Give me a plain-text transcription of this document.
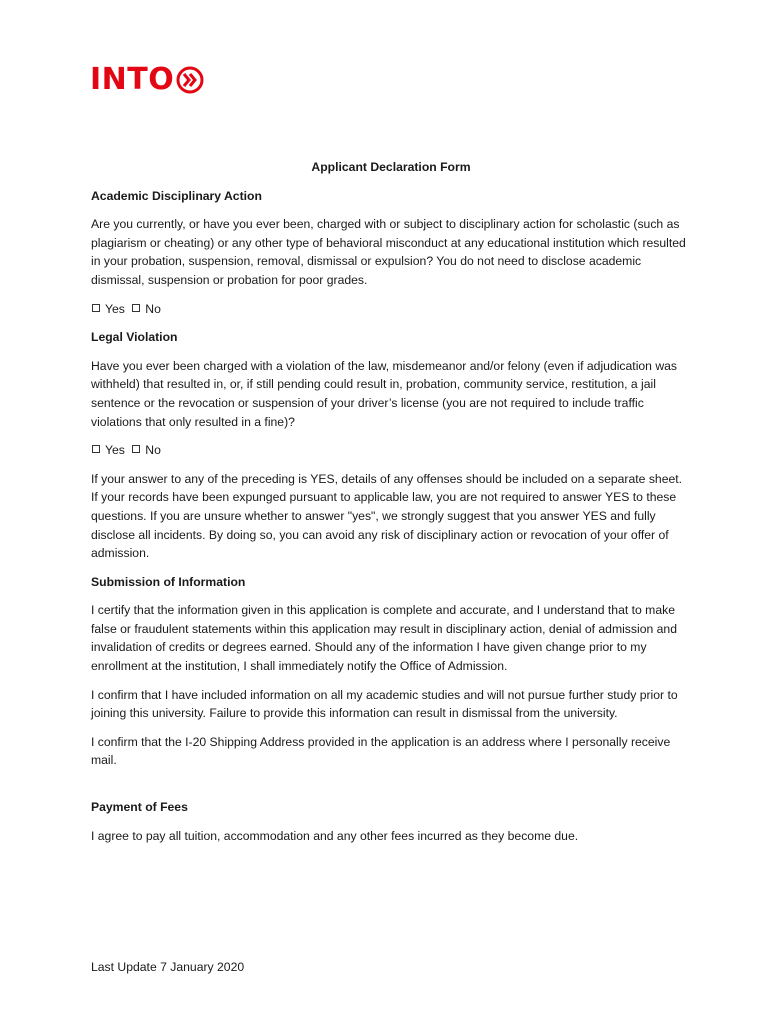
INTO

Applicant Declaration Form

Academic Disciplinary Action

Are you currently, or have you ever been, charged with or subject to disciplinary action for scholastic (such as plagiarism or cheating) or any other type of behavioral misconduct at any educational institution which resulted in your probation, suspension, removal, dismissal or expulsion? You do not need to disclose academic dismissal, suspension or probation for poor grades.

Yes No

Legal Violation

Have you ever been charged with a violation of the law, misdemeanor and/or felony (even if adjudication was withheld) that resulted in, or, if still pending could result in, probation, community service, restitution, a jail sentence or the revocation or suspension of your driver’s license (you are not required to include traffic violations that only resulted in a fine)?

Yes No

If your answer to any of the preceding is YES, details of any offenses should be included on a separate sheet. If your records have been expunged pursuant to applicable law, you are not required to answer YES to these questions. If you are unsure whether to answer "yes", we strongly suggest that you answer YES and fully disclose all incidents. By doing so, you can avoid any risk of disciplinary action or revocation of your offer of admission.

Submission of Information

I certify that the information given in this application is complete and accurate, and I understand that to make false or fraudulent statements within this application may result in disciplinary action, denial of admission and invalidation of credits or degrees earned. Should any of the information I have given change prior to my enrollment at the institution, I shall immediately notify the Office of Admission.

I confirm that I have included information on all my academic studies and will not pursue further study prior to joining this university. Failure to provide this information can result in dismissal from the university.

I confirm that the I-20 Shipping Address provided in the application is an address where I personally receive mail.

Payment of Fees

I agree to pay all tuition, accommodation and any other fees incurred as they become due.

Last Update 7 January 2020
